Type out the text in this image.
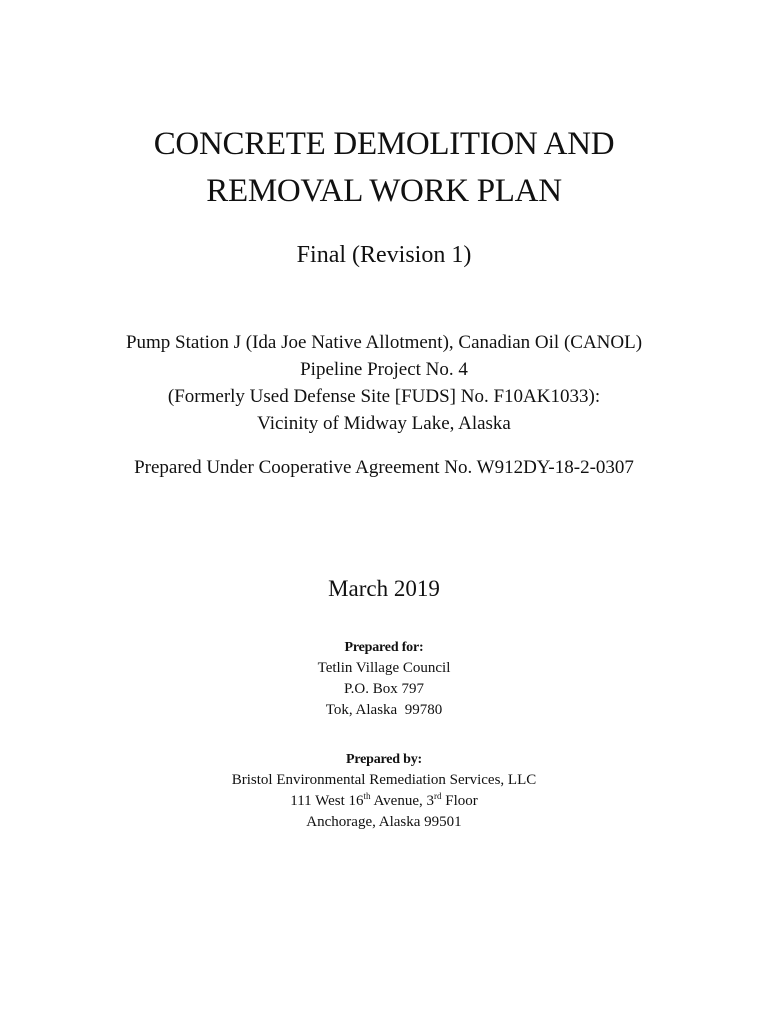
CONCRETE DEMOLITION AND
REMOVAL WORK PLAN
Final (Revision 1)
Pump Station J (Ida Joe Native Allotment), Canadian Oil (CANOL)
Pipeline Project No. 4
(Formerly Used Defense Site [FUDS] No. F10AK1033):
Vicinity of Midway Lake, Alaska
Prepared Under Cooperative Agreement No. W912DY-18-2-0307
March 2019
Prepared for:
Tetlin Village Council
P.O. Box 797
Tok, Alaska  99780
Prepared by:
Bristol Environmental Remediation Services, LLC
111 West 16th Avenue, 3rd Floor
Anchorage, Alaska 99501
